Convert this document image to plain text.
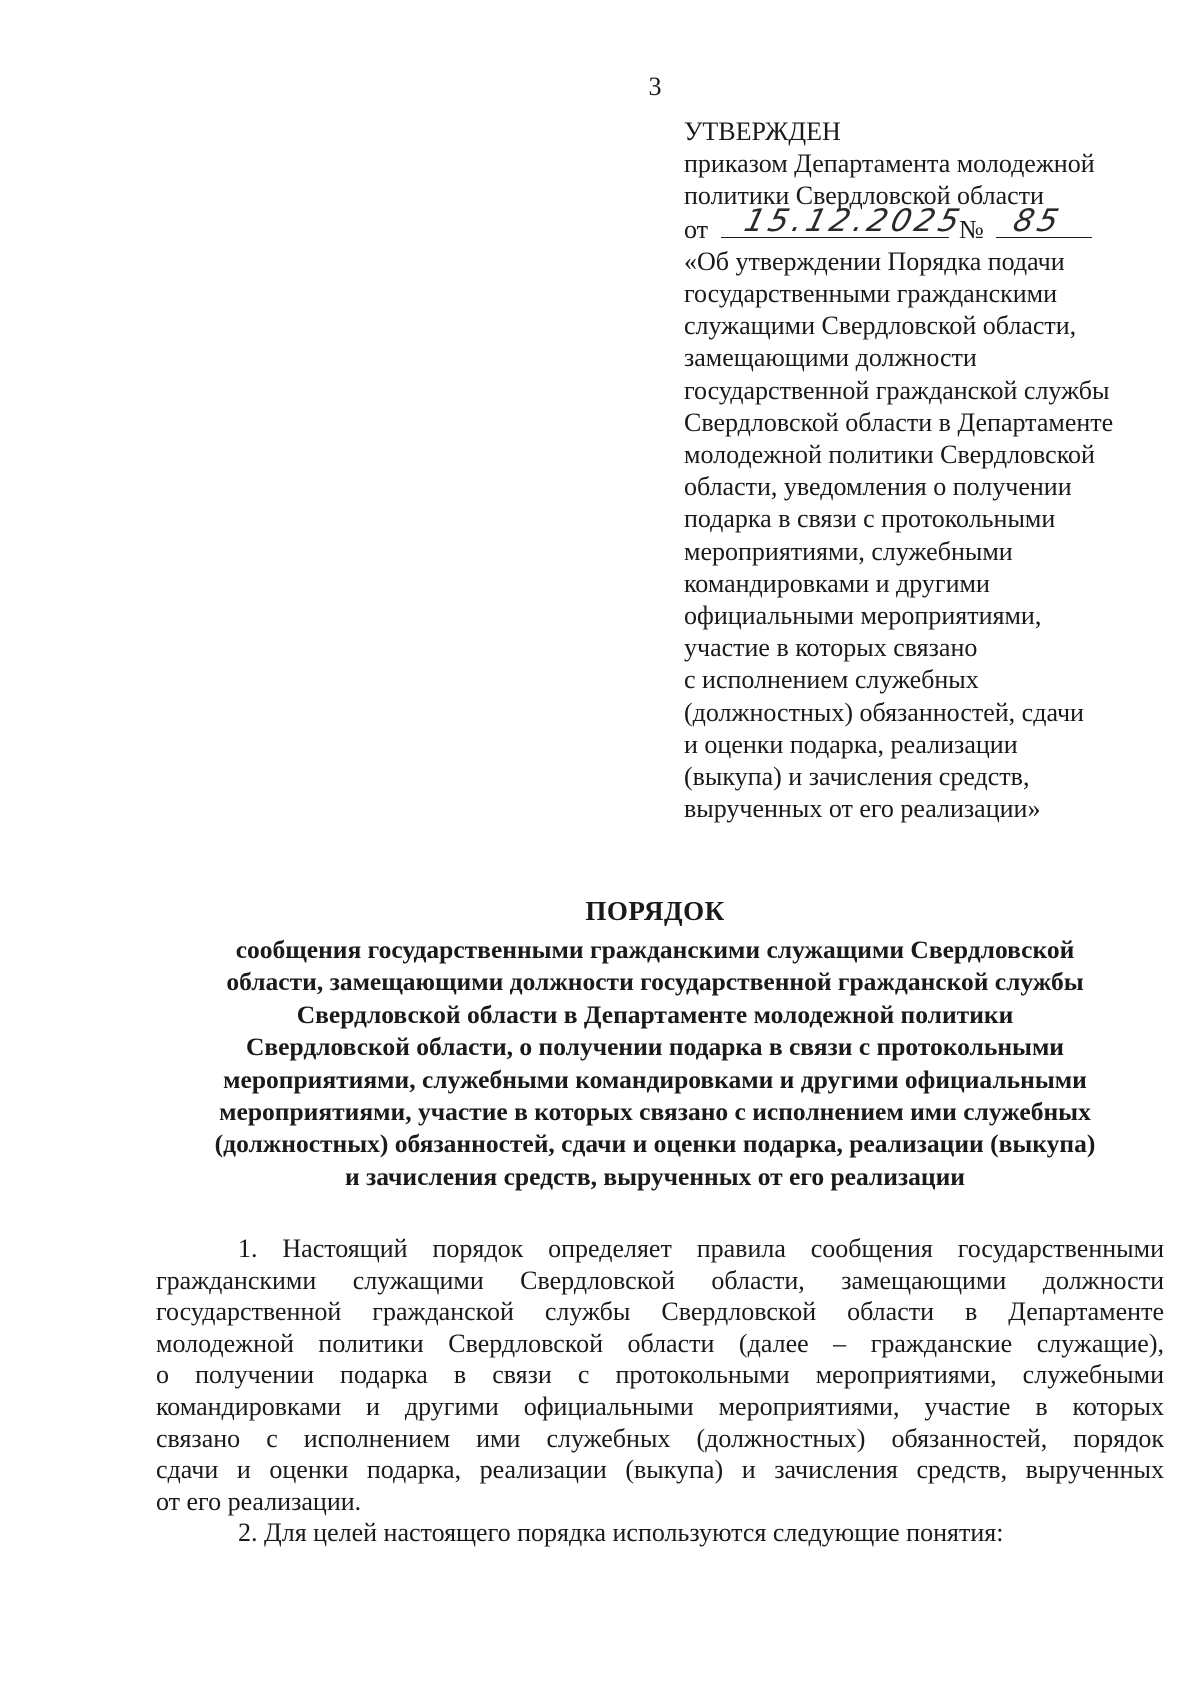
3
УТВЕРЖДЕН
приказом Департамента молодежной
политики Свердловской области
от 15.12.2025
№ 85
«Об утверждении Порядка подачи
государственными гражданскими
служащими Свердловской области,
замещающими должности
государственной гражданской службы
Свердловской области в Департаменте
молодежной политики Свердловской
области, уведомления о получении
подарка в связи с протокольными
мероприятиями, служебными
командировками и другими
официальными мероприятиями,
участие в которых связано
с исполнением служебных
(должностных) обязанностей, сдачи
и оценки подарка, реализации
(выкупа) и зачисления средств,
вырученных от его реализации»
ПОРЯДОК
сообщения государственными гражданскими служащими Свердловской
области, замещающими должности государственной гражданской службы
Свердловской области в Департаменте молодежной политики
Свердловской области, о получении подарка в связи с протокольными
мероприятиями, служебными командировками и другими официальными
мероприятиями, участие в которых связано с исполнением ими служебных
(должностных) обязанностей, сдачи и оценки подарка, реализации (выкупа)
и зачисления средств, вырученных от его реализации
1. Настоящий порядок определяет правила сообщения государственными
гражданскими служащими Свердловской области, замещающими должности
государственной гражданской службы Свердловской области в Департаменте
молодежной политики Свердловской области (далее – гражданские служащие),
о получении подарка в связи с протокольными мероприятиями, служебными
командировками и другими официальными мероприятиями, участие в которых
связано с исполнением ими служебных (должностных) обязанностей, порядок
сдачи и оценки подарка, реализации (выкупа) и зачисления средств, вырученных
от его реализации.
2. Для целей настоящего порядка используются следующие понятия:
